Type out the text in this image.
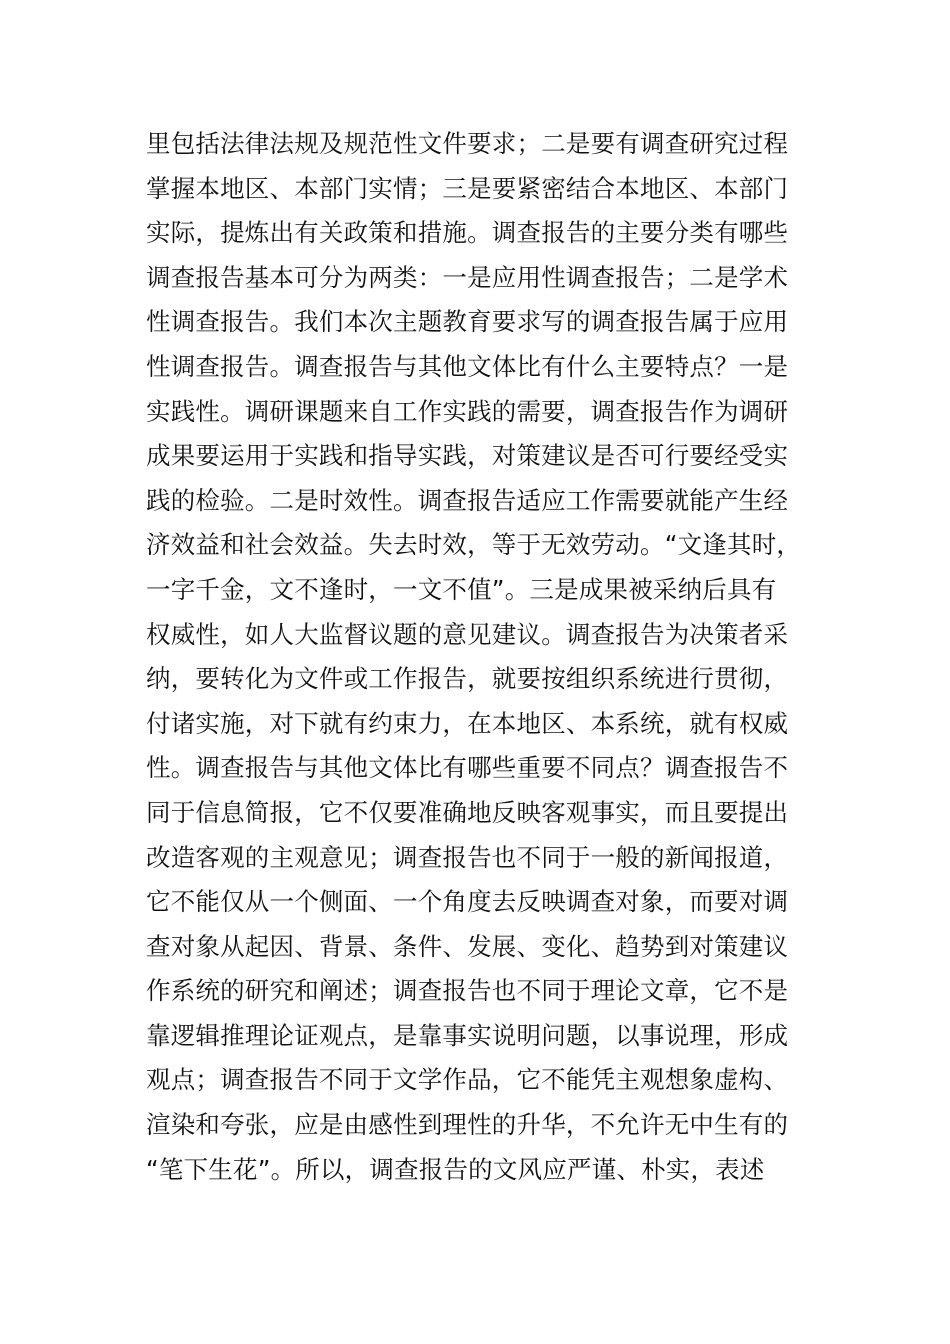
里包括法律法规及规范性文件要求；二是要有调查研究过程
掌握本地区、本部门实情；三是要紧密结合本地区、本部门
实际，提炼出有关政策和措施。调查报告的主要分类有哪些
调查报告基本可分为两类：一是应用性调查报告；二是学术
性调查报告。我们本次主题教育要求写的调查报告属于应用
性调查报告。调查报告与其他文体比有什么主要特点？一是
实践性。调研课题来自工作实践的需要，调查报告作为调研
成果要运用于实践和指导实践，对策建议是否可行要经受实
践的检验。二是时效性。调查报告适应工作需要就能产生经
济效益和社会效益。失去时效，等于无效劳动。“文逢其时，
一字千金，文不逢时，一文不值”。三是成果被采纳后具有
权威性，如人大监督议题的意见建议。调查报告为决策者采
纳，要转化为文件或工作报告，就要按组织系统进行贯彻，
付诸实施，对下就有约束力，在本地区、本系统，就有权威
性。调查报告与其他文体比有哪些重要不同点？调查报告不
同于信息简报，它不仅要准确地反映客观事实，而且要提出
改造客观的主观意见；调查报告也不同于一般的新闻报道，
它不能仅从一个侧面、一个角度去反映调查对象，而要对调
查对象从起因、背景、条件、发展、变化、趋势到对策建议
作系统的研究和阐述；调查报告也不同于理论文章，它不是
靠逻辑推理论证观点，是靠事实说明问题，以事说理，形成
观点；调查报告不同于文学作品，它不能凭主观想象虚构、
渲染和夸张，应是由感性到理性的升华，不允许无中生有的
“笔下生花”。所以，调查报告的文风应严谨、朴实，表述
